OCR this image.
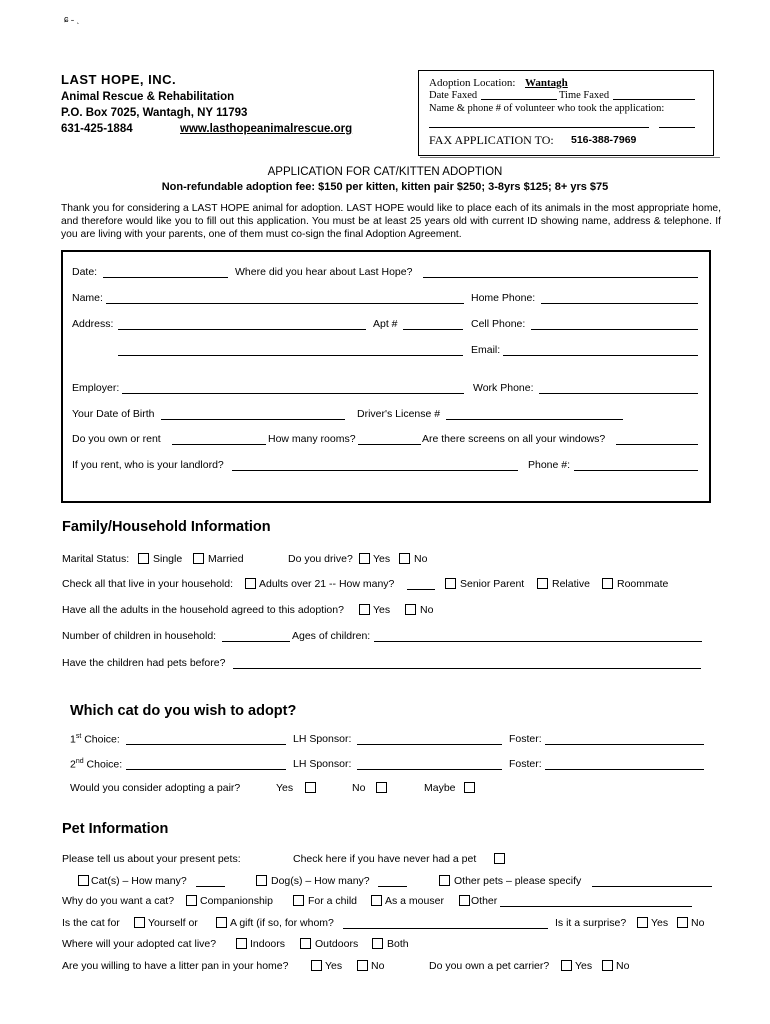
ɕ ˗ ˎ
LAST HOPE, INC.
Animal Rescue & Rehabilitation
P.O. Box 7025, Wantagh, NY 11793
631-425-1884	www.lasthopeanimalrescue.org
Adoption Location: Wantagh
Date Faxed	Time Faxed
Name & phone # of volunteer who took the application:
FAX APPLICATION TO: 516-388-7969
APPLICATION FOR CAT/KITTEN ADOPTION
Non-refundable adoption fee: $150 per kitten, kitten pair $250; 3-8yrs $125; 8+ yrs $75
Thank you for considering a LAST HOPE animal for adoption. LAST HOPE would like to place each of its animals in the most appropriate home, and therefore would like you to fill out this application. You must be at least 25 years old with current ID showing name, address & telephone. If you are living with your parents, one of them must co-sign the final Adoption Agreement.
Date:	Where did you hear about Last Hope?
Name:	Home Phone:
Address:	Apt #	Cell Phone:
Email:
Employer:	Work Phone:
Your Date of Birth	Driver's License #
Do you own or rent	How many rooms?	Are there screens on all your windows?
If you rent, who is your landlord?	Phone #:
Family/Household Information
Marital Status: Single Married	Do you drive? Yes No
Check all that live in your household: Adults over 21 -- How many?	Senior Parent	Relative	Roommate
Have all the adults in the household agreed to this adoption?	Yes	No
Number of children in household:	Ages of children:
Have the children had pets before?
Which cat do you wish to adopt?
1st Choice:	LH Sponsor:	Foster:
2nd Choice:	LH Sponsor:	Foster:
Would you consider adopting a pair?	Yes	No	Maybe
Pet Information
Please tell us about your present pets:	Check here if you have never had a pet
Cat(s) – How many?	Dog(s) – How many?	Other pets – please specify
Why do you want a cat? Companionship	For a child	As a mouser	Other
Is the cat for	Yourself or	A gift (if so, for whom?	Is it a surprise? Yes No
Where will your adopted cat live?	Indoors	Outdoors	Both
Are you willing to have a litter pan in your home?	Yes	No	Do you own a pet carrier? Yes No
